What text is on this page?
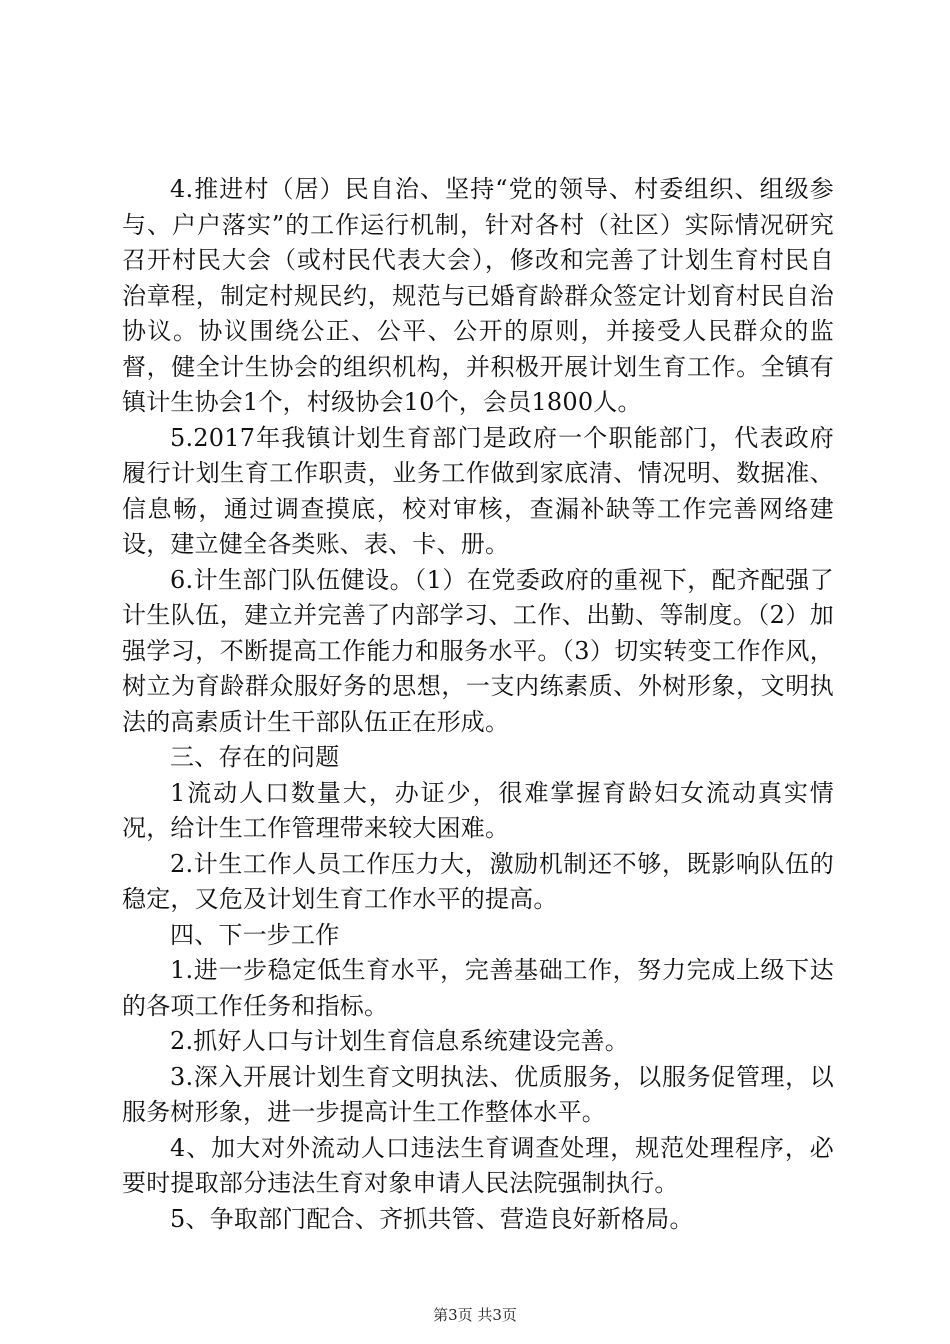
4.推进村（居）民自治、坚持“党的领导、村委组织、组级参与、户户落实”的工作运行机制，针对各村（社区）实际情况研究召开村民大会（或村民代表大会），修改和完善了计划生育村民自治章程，制定村规民约，规范与已婚育龄群众签定计划育村民自治协议。协议围绕公正、公平、公开的原则，并接受人民群众的监督，健全计生协会的组织机构，并积极开展计划生育工作。全镇有镇计生协会1个，村级协会10个，会员1800人。

5.2017年我镇计划生育部门是政府一个职能部门，代表政府履行计划生育工作职责，业务工作做到家底清、情况明、数据准、信息畅，通过调查摸底，校对审核，查漏补缺等工作完善网络建设，建立健全各类账、表、卡、册。

6.计生部门队伍健设。（1）在党委政府的重视下，配齐配强了计生队伍，建立并完善了内部学习、工作、出勤、等制度。（2）加强学习，不断提高工作能力和服务水平。（3）切实转变工作作风，树立为育龄群众服好务的思想，一支内练素质、外树形象，文明执法的高素质计生干部队伍正在形成。

三、存在的问题

1流动人口数量大，办证少，很难掌握育龄妇女流动真实情况，给计生工作管理带来较大困难。

2.计生工作人员工作压力大，激励机制还不够，既影响队伍的稳定，又危及计划生育工作水平的提高。

四、下一步工作

1.进一步稳定低生育水平，完善基础工作，努力完成上级下达的各项工作任务和指标。

2.抓好人口与计划生育信息系统建设完善。

3.深入开展计划生育文明执法、优质服务，以服务促管理，以服务树形象，进一步提高计生工作整体水平。

4、加大对外流动人口违法生育调查处理，规范处理程序，必要时提取部分违法生育对象申请人民法院强制执行。

5、争取部门配合、齐抓共管、营造良好新格局。

第3页 共3页
